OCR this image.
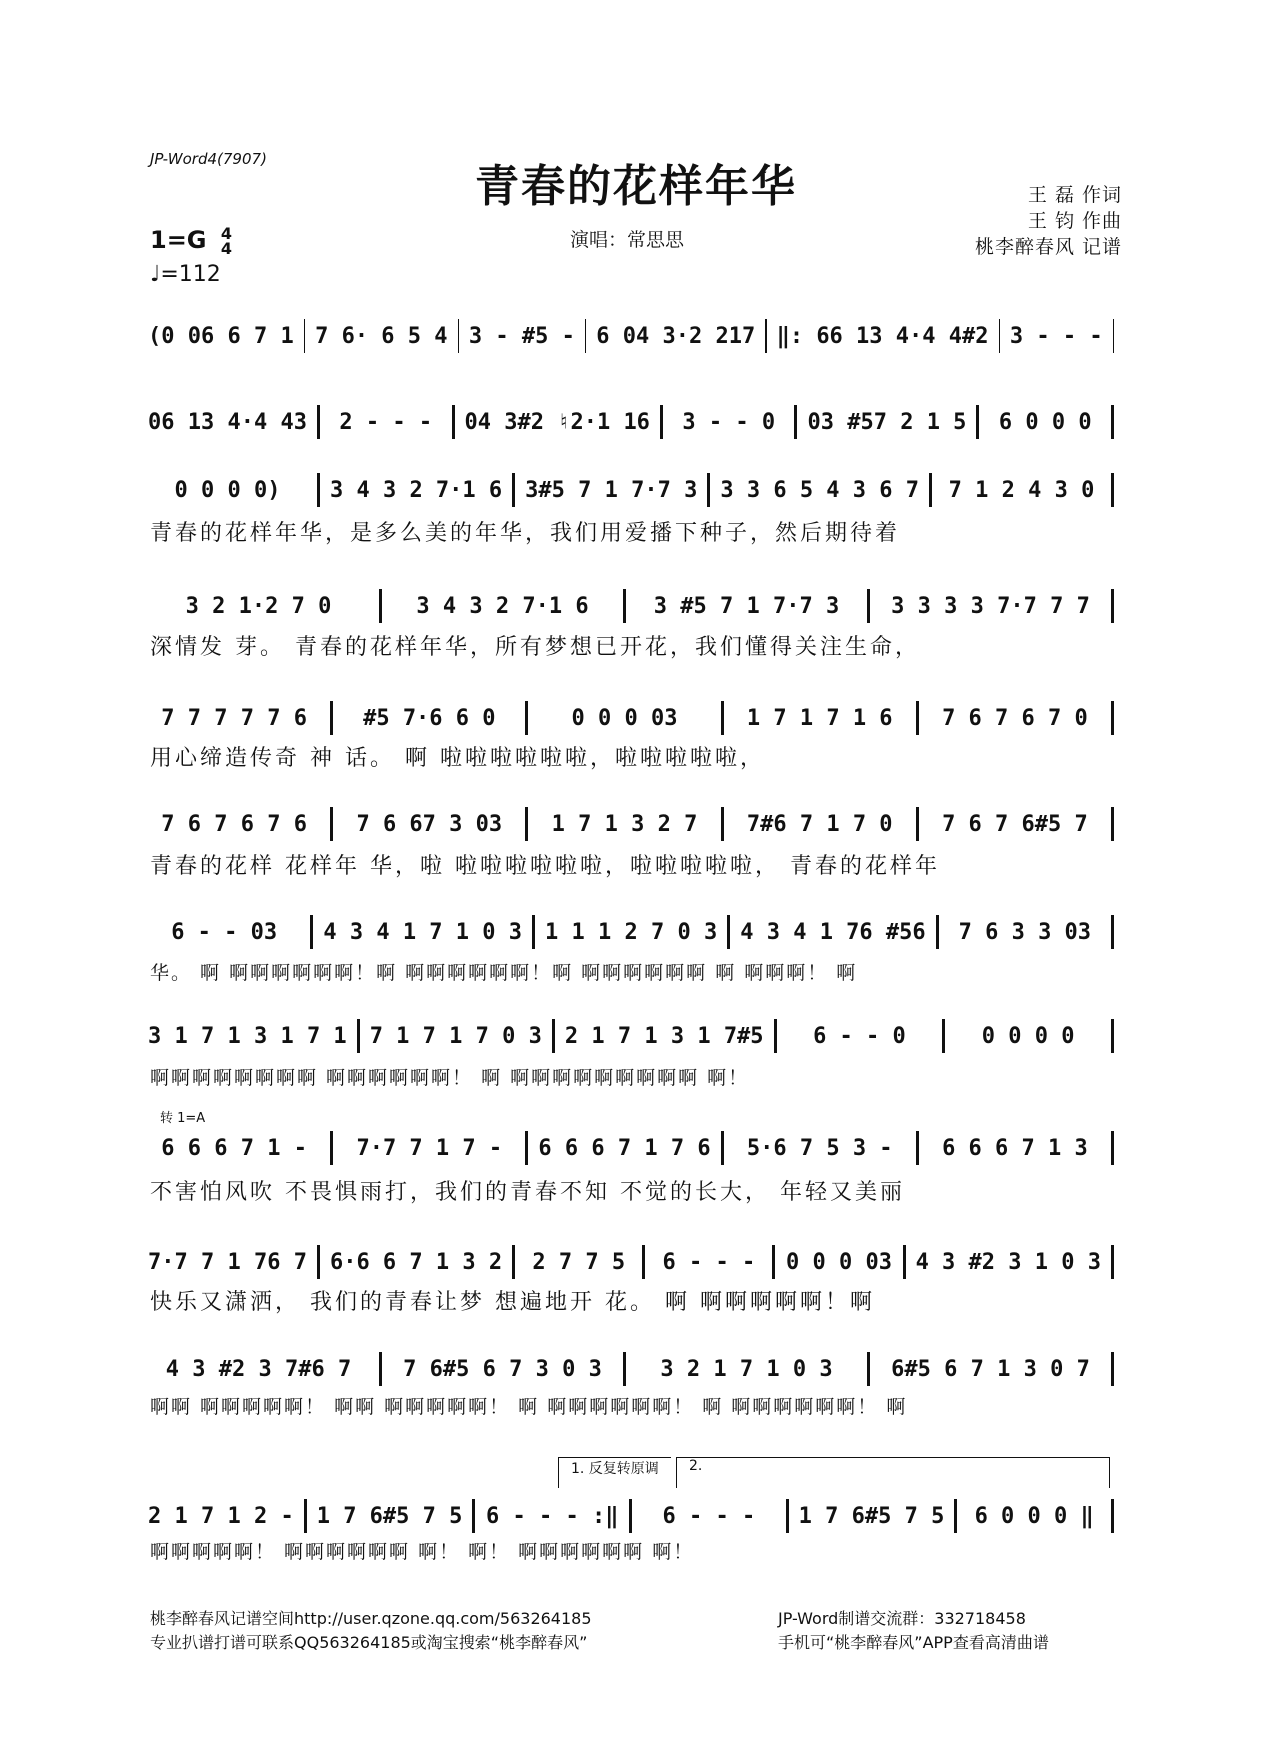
JP-Word4(7907)
青春的花样年华
1=G 4
4
♩=112
演唱：常思思
王 磊 作词
王 钧 作曲
桃李醉春风 记谱
(0 06 6 7 1 7 6· 6 5 4 3 - #5 - 6 04 3·2 217 ‖: 66 13 4·4 4#2 3 - - -
06 13 4·4 43	2 - - -	04 3#2 ♮2·1 16	3 - - 0	03 #57 2 1 5	6 0 0 0
0 0 0 0)	3 4 3 2 7·1 6 3#5 7 1 7·7 3 3 3 6 5 4 3 6 7	7 1 2 4 3 0
青春的花样年华，是多么美的年华，我们用爱播下种子，然后期待着
3 2 1·2 7 0	3 4 3 2 7·1 6	3 #5 7 1 7·7 3	3 3 3 3 7·7 7 7
深情发 芽。 青春的花样年华，所有梦想已开花，我们懂得关注生命，
7 7 7 7 7 6	#5 7·6 6 0	0 0 0 03	1 7 1 7 1 6	7 6 7 6 7 0
用心缔造传奇 神 话。 啊 啦啦啦啦啦啦，啦啦啦啦啦，
7 6 7 6 7 6	7 6 67 3 03	1 7 1 3 2 7	7#6 7 1 7 0	7 6 7 6#5 7
青春的花样 花样年 华，啦 啦啦啦啦啦啦，啦啦啦啦啦， 青春的花样年
6 - - 03	4 3 4 1 7 1 0 3 1 1 1 2 7 0 3 4 3 4 1 76 #56	7 6 3 3 03
华。 啊 啊啊啊啊啊啊！啊 啊啊啊啊啊啊！啊 啊啊啊啊啊啊 啊 啊啊啊！ 啊
3 1 7 1 3 1 7 1 7 1 7 1 7 0 3 2 1 7 1 3 1 7#5	6 - - 0	0 0 0 0
啊啊啊啊啊啊啊啊 啊啊啊啊啊啊！ 啊 啊啊啊啊啊啊啊啊啊 啊！
6 6 6 7 1 -	7·7 7 1 7 -	6 6 6 7 1 7 6	5·6 7 5 3 -	6 6 6 7 1 3
不害怕风吹 不畏惧雨打，我们的青春不知 不觉的长大， 年轻又美丽
7·7 7 1 76 7 6·6 6 7 1 3 2	2 7 7 5	6 - - -	0 0 0 03 4 3 #2 3 1 0 3
快乐又潇洒， 我们的青春让梦 想遍地开 花。 啊 啊啊啊啊啊！啊
4 3 #2 3 7#6 7	7 6#5 6 7 3 0 3	3 2 1 7 1 0 3	6#5 6 7 1 3 0 7
啊啊 啊啊啊啊啊！ 啊啊 啊啊啊啊啊！ 啊 啊啊啊啊啊啊！ 啊 啊啊啊啊啊啊！ 啊
2 1 7 1 2 - 1 7 6#5 7 5 6 - - - :‖	6 - - -	1 7 6#5 7 5	6 0 0 0 ‖
啊啊啊啊啊！ 啊啊啊啊啊啊 啊！ 啊！ 啊啊啊啊啊啊 啊！
转 1=A
1. 反复转原调	2.
桃李醉春风记谱空间http://user.qzone.qq.com/563264185
专业扒谱打谱可联系QQ563264185或淘宝搜索“桃李醉春风”
JP-Word制谱交流群：332718458
手机可“桃李醉春风”APP查看高清曲谱
